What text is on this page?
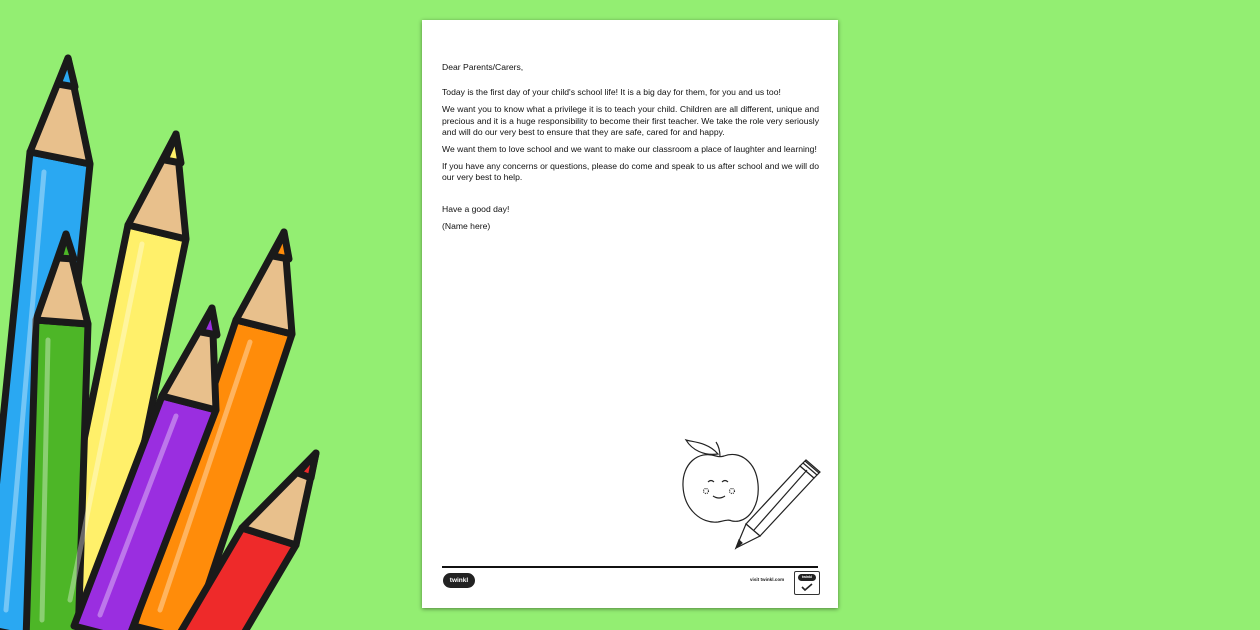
Dear Parents/Carers,

Today is the first day of your child's school life! It is a big day for them, for you and us too!

We want you to know what a privilege it is to teach your child. Children are all different, unique and precious and it is a huge responsibility to become their first teacher. We take the role very seriously and will do our very best to ensure that they are safe, cared for and happy.

We want them to love school and we want to make our classroom a place of laughter and learning!

If you have any concerns or questions, please do come and speak to us after school and we will do our very best to help.

Have a good day!

(Name here)

twinkl	visit twinkl.com	twinkl
